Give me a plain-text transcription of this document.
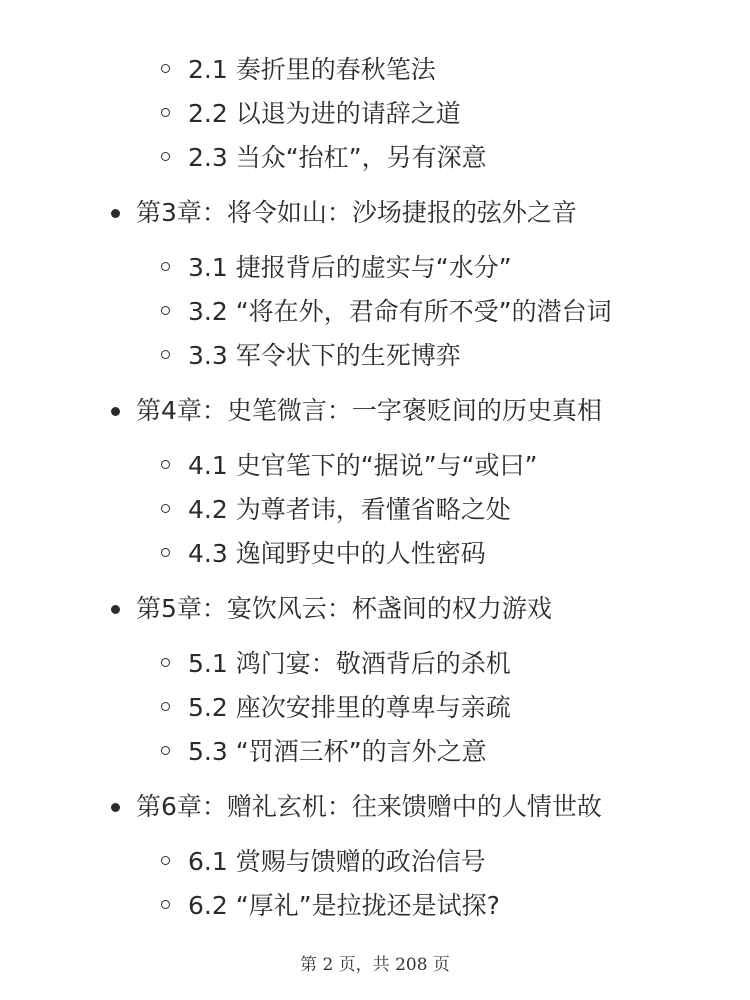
2.1 奏折里的春秋笔法
2.2 以退为进的请辞之道
2.3 当众“抬杠”，另有深意
第3章：将令如山：沙场捷报的弦外之音
3.1 捷报背后的虚实与“水分”
3.2 “将在外，君命有所不受”的潜台词
3.3 军令状下的生死博弈
第4章：史笔微言：一字褒贬间的历史真相
4.1 史官笔下的“据说”与“或曰”
4.2 为尊者讳，看懂省略之处
4.3 逸闻野史中的人性密码
第5章：宴饮风云：杯盏间的权力游戏
5.1 鸿门宴：敬酒背后的杀机
5.2 座次安排里的尊卑与亲疏
5.3 “罚酒三杯”的言外之意
第6章：赠礼玄机：往来馈赠中的人情世故
6.1 赏赐与馈赠的政治信号
6.2 “厚礼”是拉拢还是试探?
第 2 页，共 208 页
